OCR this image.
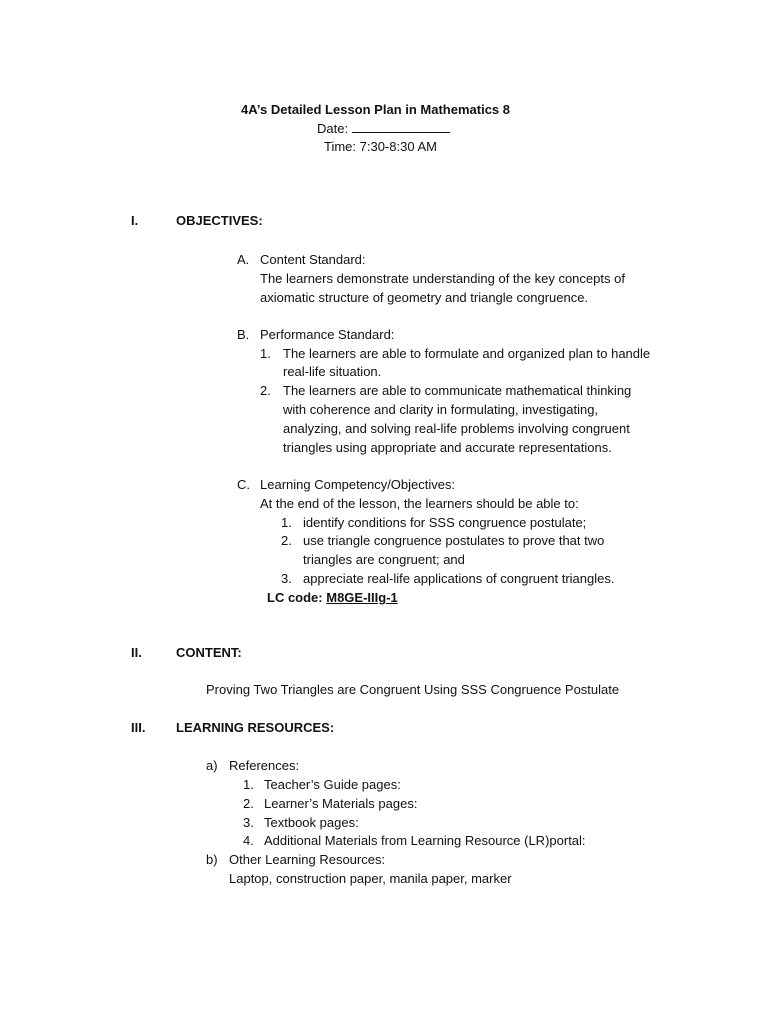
4A’s Detailed Lesson Plan in Mathematics 8
Date:
Time: 7:30-8:30 AM
I.	OBJECTIVES:
A. Content Standard:
The learners demonstrate understanding of the key concepts of
axiomatic structure of geometry and triangle congruence.
B. Performance Standard:
1. The learners are able to formulate and organized plan to handle
real-life situation.
2. The learners are able to communicate mathematical thinking
with coherence and clarity in formulating, investigating,
analyzing, and solving real-life problems involving congruent
triangles using appropriate and accurate representations.
C. Learning Competency/Objectives:
At the end of the lesson, the learners should be able to:
1. identify conditions for SSS congruence postulate;
2. use triangle congruence postulates to prove that two
triangles are congruent; and
3. appreciate real-life applications of congruent triangles.
LC code: M8GE-IIIg-1
II.	CONTENT:
Proving Two Triangles are Congruent Using SSS Congruence Postulate
III. LEARNING RESOURCES:
a) References:
1. Teacher’s Guide pages:
2. Learner’s Materials pages:
3. Textbook pages:
4. Additional Materials from Learning Resource (LR)portal:
b) Other Learning Resources:
Laptop, construction paper, manila paper, marker
